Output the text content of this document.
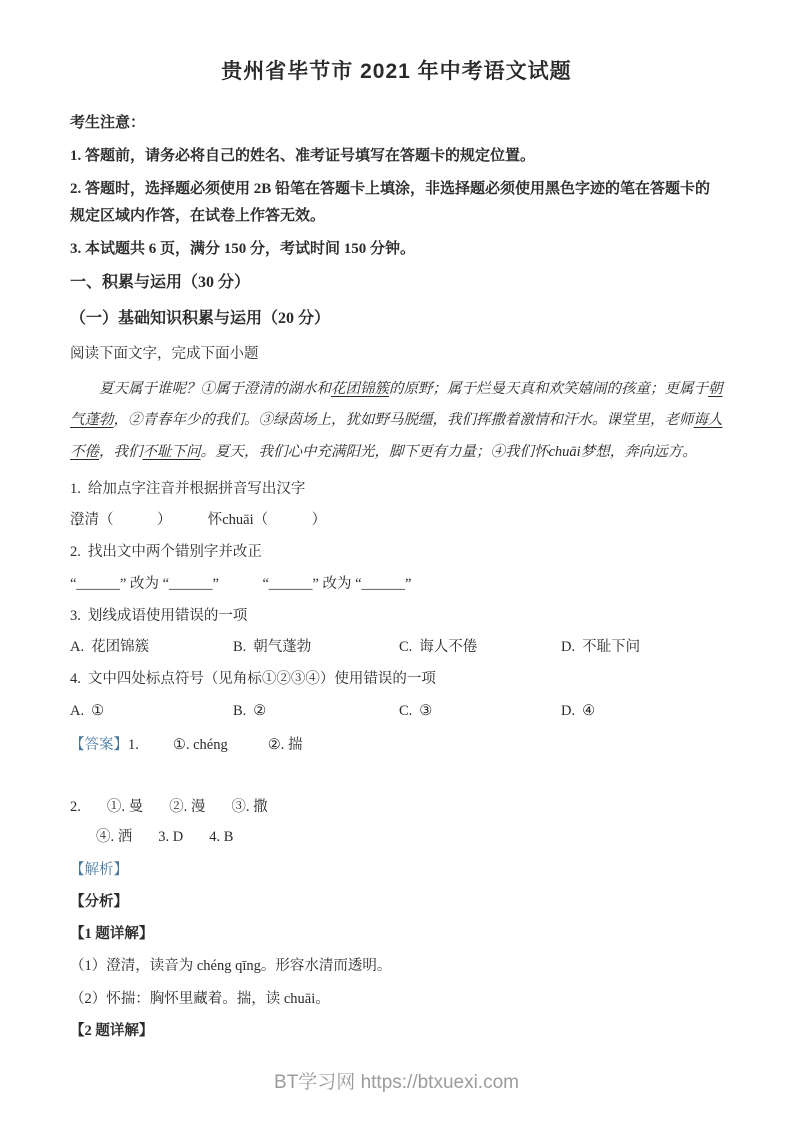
贵州省毕节市 2021 年中考语文试题

考生注意：

1. 答题前，请务必将自己的姓名、准考证号填写在答题卡的规定位置。

2. 答题时，选择题必须使用 2B 铅笔在答题卡上填涂，非选择题必须使用黑色字迹的笔在答题卡的规定区域内作答，在试卷上作答无效。

3. 本试题共 6 页，满分 150 分，考试时间 150 分钟。

一、积累与运用（30 分）
（一）基础知识积累与运用（20 分）

阅读下面文字，完成下面小题

夏天属于谁呢？①属于澄清的湖水和花团锦簇的原野；属于烂曼天真和欢笑嬉闹的孩童；更属于朝气蓬勃，②青春年少的我们。③绿茵场上，犹如野马脱缰，我们挥撒着激情和汗水。课堂里，老师诲人不倦，我们不耻下问。夏天，我们心中充满阳光，脚下更有力量；④我们怀chuāi梦想，奔向远方。

1. 给加点字注音并根据拼音写出汉字

澄清（　　　）　　　怀chuāi（　　　）

2. 找出文中两个错别字并改正

“______” 改为 “______”　　　“______” 改为 “______”

3. 划线成语使用错误的一项

A. 花团锦簇	B. 朝气蓬勃	C. 诲人不倦	D. 不耻下问

4. 文中四处标点符号（见角标①②③④）使用错误的一项

A. ①	B. ②	C. ③	D. ④

【答案】1. ①. chéng	②. 揣

2. ①. 曼 ②. 漫 ③. 撒

④. 洒 3. D 4. B

【解析】

【分析】

【1 题详解】

（1）澄清，读音为 chéng qīng。形容水清而透明。

（2）怀揣：胸怀里藏着。揣，读 chuāi。

【2 题详解】

BT学习网 https://btxuexi.com
